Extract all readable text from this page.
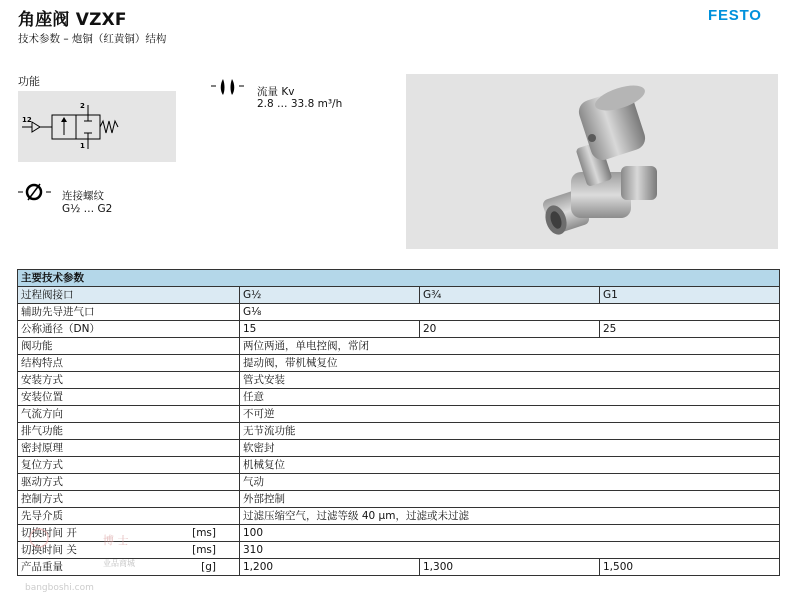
角座阀 VZXF
技术参数 – 炮铜（红黄铜）结构
FESTO
功能
12
2
1
流量 Kv
2.8 … 33.8 m³/h
连接螺纹
G½ … G2
主要技术参数			
过程阀接口	G½	G¾	G1
辅助先导进气口	G⅛		
公称通径（DN）	15	20	25
阀功能	两位两通，单电控阀，常闭		
结构特点	提动阀，带机械复位		
安装方式	管式安装		
安装位置	任意		
气流方向	不可逆		
排气功能	无节流功能		
密封原理	软密封		
复位方式	机械复位		
驱动方式	气动		
控制方式	外部控制		
先导介质	过滤压缩空气，过滤等级 40 µm，过滤或未过滤		
切换时间 开 [ms]	100		
切换时间 关 [ms]	310		
产品重量 [g]	1,200	1,300	1,500
博 士
业品商城
bangboshi.com
